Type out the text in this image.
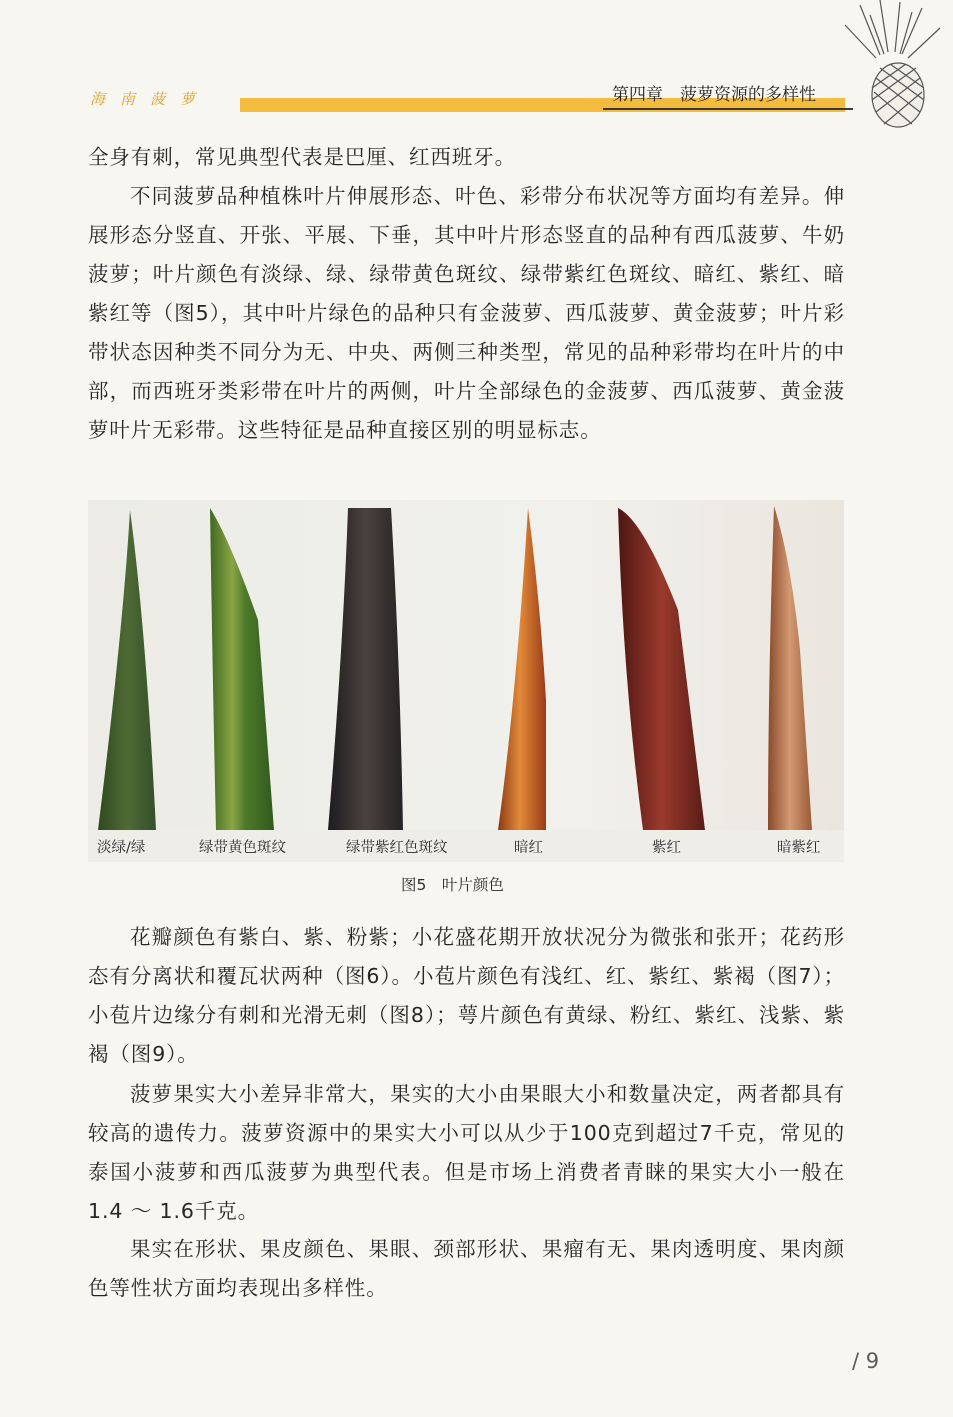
海南菠萝	第四章　菠萝资源的多样性

全身有刺，常见典型代表是巴厘、红西班牙。

不同菠萝品种植株叶片伸展形态、叶色、彩带分布状况等方面均有差异。伸展形态分竖直、开张、平展、下垂，其中叶片形态竖直的品种有西瓜菠萝、牛奶菠萝；叶片颜色有淡绿、绿、绿带黄色斑纹、绿带紫红色斑纹、暗红、紫红、暗紫红等（图5），其中叶片绿色的品种只有金菠萝、西瓜菠萝、黄金菠萝；叶片彩带状态因种类不同分为无、中央、两侧三种类型，常见的品种彩带均在叶片的中部，而西班牙类彩带在叶片的两侧，叶片全部绿色的金菠萝、西瓜菠萝、黄金菠萝叶片无彩带。这些特征是品种直接区别的明显标志。

淡绿/绿	绿带黄色斑纹	绿带紫红色斑纹	暗红	紫红	暗紫红
图5　叶片颜色

花瓣颜色有紫白、紫、粉紫；小花盛花期开放状况分为微张和张开；花药形态有分离状和覆瓦状两种（图6）。小苞片颜色有浅红、红、紫红、紫褐（图7）；小苞片边缘分有刺和光滑无刺（图8）；萼片颜色有黄绿、粉红、紫红、浅紫、紫褐（图9）。

菠萝果实大小差异非常大，果实的大小由果眼大小和数量决定，两者都具有较高的遗传力。菠萝资源中的果实大小可以从少于100克到超过7千克，常见的泰国小菠萝和西瓜菠萝为典型代表。但是市场上消费者青睐的果实大小一般在1.4 ～ 1.6千克。

果实在形状、果皮颜色、果眼、颈部形状、果瘤有无、果肉透明度、果肉颜色等性状方面均表现出多样性。

/ 9
